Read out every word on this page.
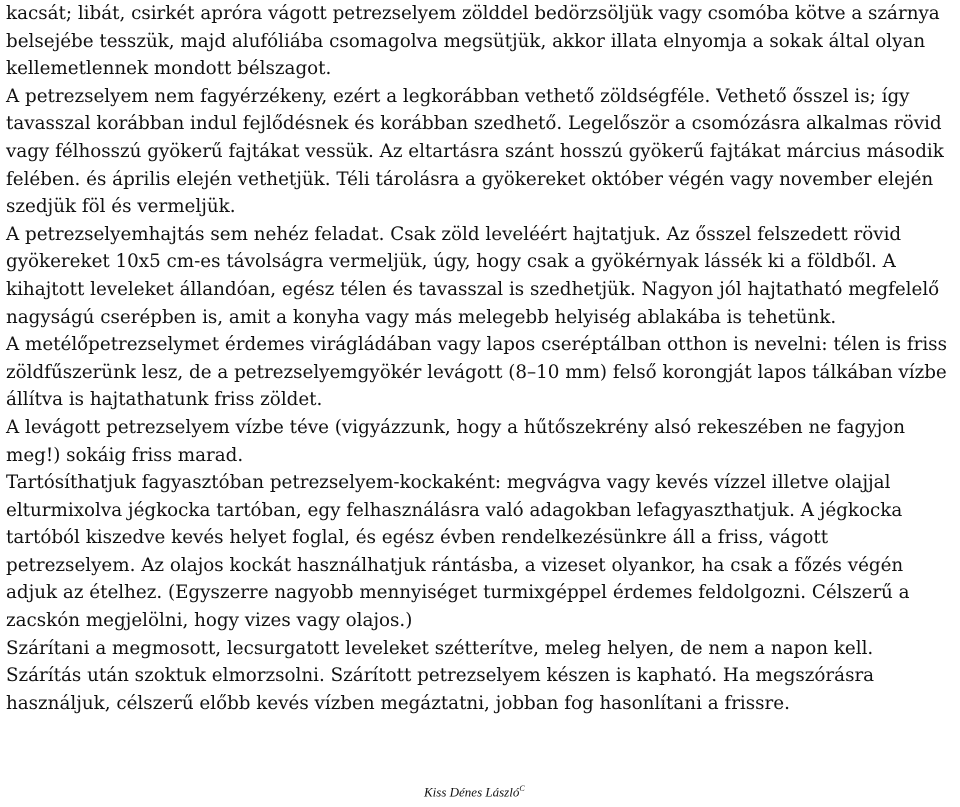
kacsát; libát, csirkét apróra vágott petrezselyem zölddel bedörzsöljük vagy csomóba kötve a szárnya belsejébe tesszük, majd alufóliába csomagolva megsütjük, akkor illata elnyomja a sokak által olyan kellemetlennek mondott bélszagot.

A petrezselyem nem fagyérzékeny, ezért a legkorábban vethető zöldségféle. Vethető ősszel is; így tavasszal korábban indul fejlődésnek és korábban szedhető. Legelőször a csomózásra alkalmas rövid vagy félhosszú gyökerű fajtákat vessük. Az eltartásra szánt hosszú gyökerű fajtákat március második felében. és április elején vethetjük. Téli tárolásra a gyökereket október végén vagy november elején szedjük föl és vermeljük.

A petrezselyemhajtás sem nehéz feladat. Csak zöld leveléért hajtatjuk. Az ősszel felszedett rövid gyökereket 10x5 cm-es távolságra vermeljük, úgy, hogy csak a gyökérnyak lássék ki a földből. A kihajtott leveleket állandóan, egész télen és tavasszal is szedhetjük. Nagyon jól hajtatható megfelelő nagyságú cserépben is, amit a konyha vagy más melegebb helyiség ablakába is tehetünk.

A metélőpetrezselymet érdemes virágládában vagy lapos cseréptálban otthon is nevelni: télen is friss zöldfűszerünk lesz, de a petrezselyemgyökér levágott (8–10 mm) felső korongját lapos tálkában vízbe állítva is hajtathatunk friss zöldet.

A levágott petrezselyem vízbe téve (vigyázzunk, hogy a hűtőszekrény alsó rekeszében ne fagyjon meg!) sokáig friss marad.

Tartósíthatjuk fagyasztóban petrezselyem-kockaként: megvágva vagy kevés vízzel illetve olajjal elturmixolva jégkocka tartóban, egy felhasználásra való adagokban lefagyaszthatjuk. A jégkocka tartóból kiszedve kevés helyet foglal, és egész évben rendelkezésünkre áll a friss, vágott petrezselyem. Az olajos kockát használhatjuk rántásba, a vizeset olyankor, ha csak a főzés végén adjuk az ételhez. (Egyszerre nagyobb mennyiséget turmixgéppel érdemes feldolgozni. Célszerű a zacskón megjelölni, hogy vizes vagy olajos.)

Szárítani a megmosott, lecsurgatott leveleket szétterítve, meleg helyen, de nem a napon kell. Szárítás után szoktuk elmorzsolni. Szárított petrezselyem készen is kapható. Ha megszórásra használjuk, célszerű előbb kevés vízben megáztatni, jobban fog hasonlítani a frissre.

Kiss Dénes László$^C$
